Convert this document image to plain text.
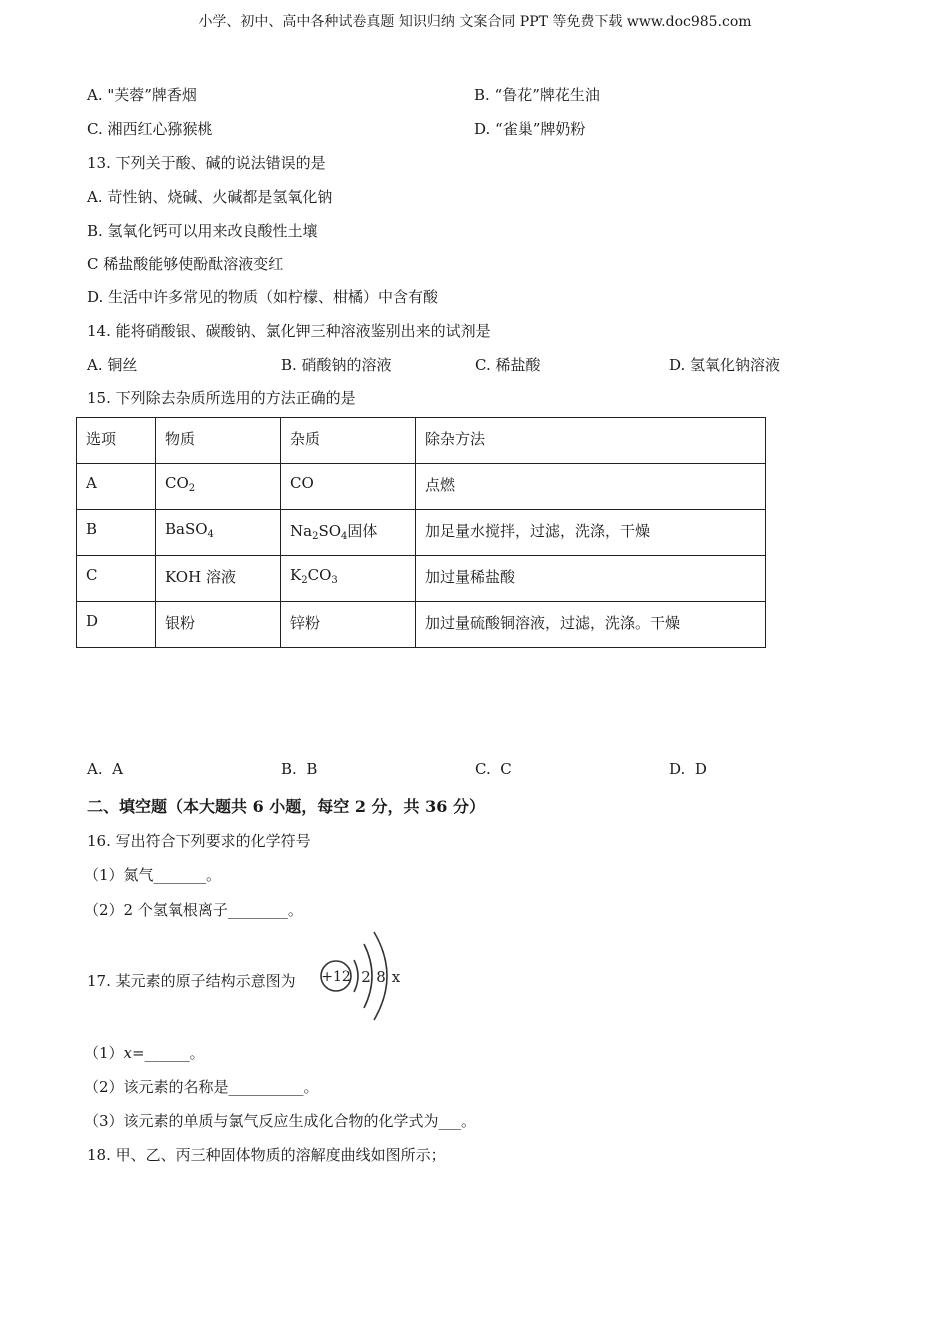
小学、初中、高中各种试卷真题 知识归纳 文案合同 PPT 等免费下载 www.doc985.com
A. "芙蓉”牌香烟	B. “鲁花”牌花生油
C. 湘西红心猕猴桃	D. “雀巢”牌奶粉
13. 下列关于酸、碱的说法错误的是
A. 苛性钠、烧碱、火碱都是氢氧化钠
B. 氢氧化钙可以用来改良酸性土壤
C 稀盐酸能够使酚酞溶液变红
D. 生活中许多常见的物质（如柠檬、柑橘）中含有酸
14. 能将硝酸银、碳酸钠、氯化钾三种溶液鉴别出来的试剂是
A. 铜丝	B. 硝酸钠的溶液	C. 稀盐酸	D. 氢氧化钠溶液
15. 下列除去杂质所选用的方法正确的是
选项	物质	杂质	除杂方法
A	$CO_2$	CO	点燃
B	BaSO$_4$	$Na_2SO_4$固体	加足量水搅拌，过滤，洗涤，干燥
C	KOH 溶液	$K_2CO_3$	加过量稀盐酸
D	银粉	锌粉	加过量硫酸铜溶液，过滤，洗涤。干燥
A. A	B. B	C. C	D. D
二、填空题（本大题共 6 小题，每空 2 分，共 36 分）
16. 写出符合下列要求的化学符号
（1）氮气_______。
（2）2 个氢氧根离子________。
17. 某元素的原子结构示意图为 +12 2 8 x
（1）x=______。
（2）该元素的名称是__________。
（3）该元素的单质与氯气反应生成化合物的化学式为___。
18. 甲、乙、丙三种固体物质的溶解度曲线如图所示；
